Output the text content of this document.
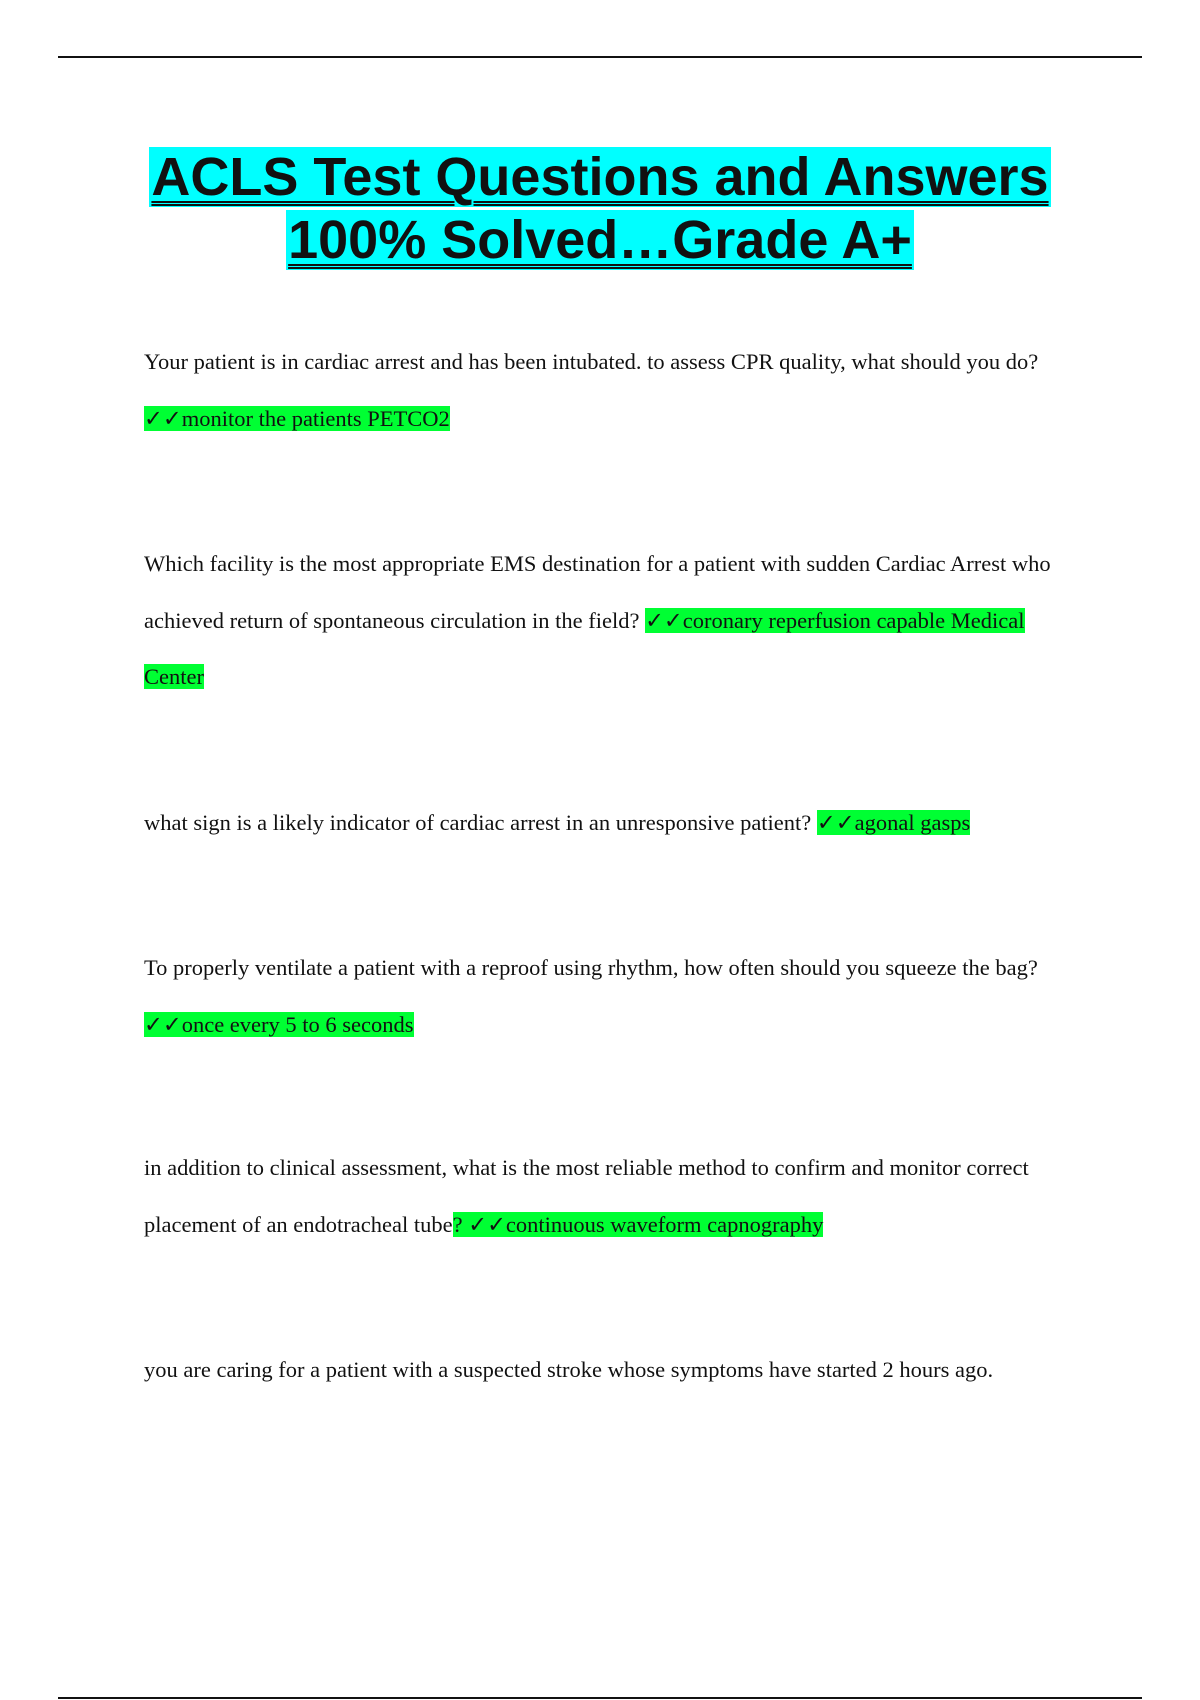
ACLS Test Questions and Answers
100% Solved…Grade A+

Your patient is in cardiac arrest and has been intubated. to assess CPR quality, what should you do? ✓✓monitor the patients PETCO2

Which facility is the most appropriate EMS destination for a patient with sudden Cardiac Arrest who achieved return of spontaneous circulation in the field? ✓✓coronary reperfusion capable Medical Center

what sign is a likely indicator of cardiac arrest in an unresponsive patient? ✓✓agonal gasps

To properly ventilate a patient with a reproof using rhythm, how often should you squeeze the bag? ✓✓once every 5 to 6 seconds

in addition to clinical assessment, what is the most reliable method to confirm and monitor correct placement of an endotracheal tube? ✓✓continuous waveform capnography

you are caring for a patient with a suspected stroke whose symptoms have started 2 hours ago.
